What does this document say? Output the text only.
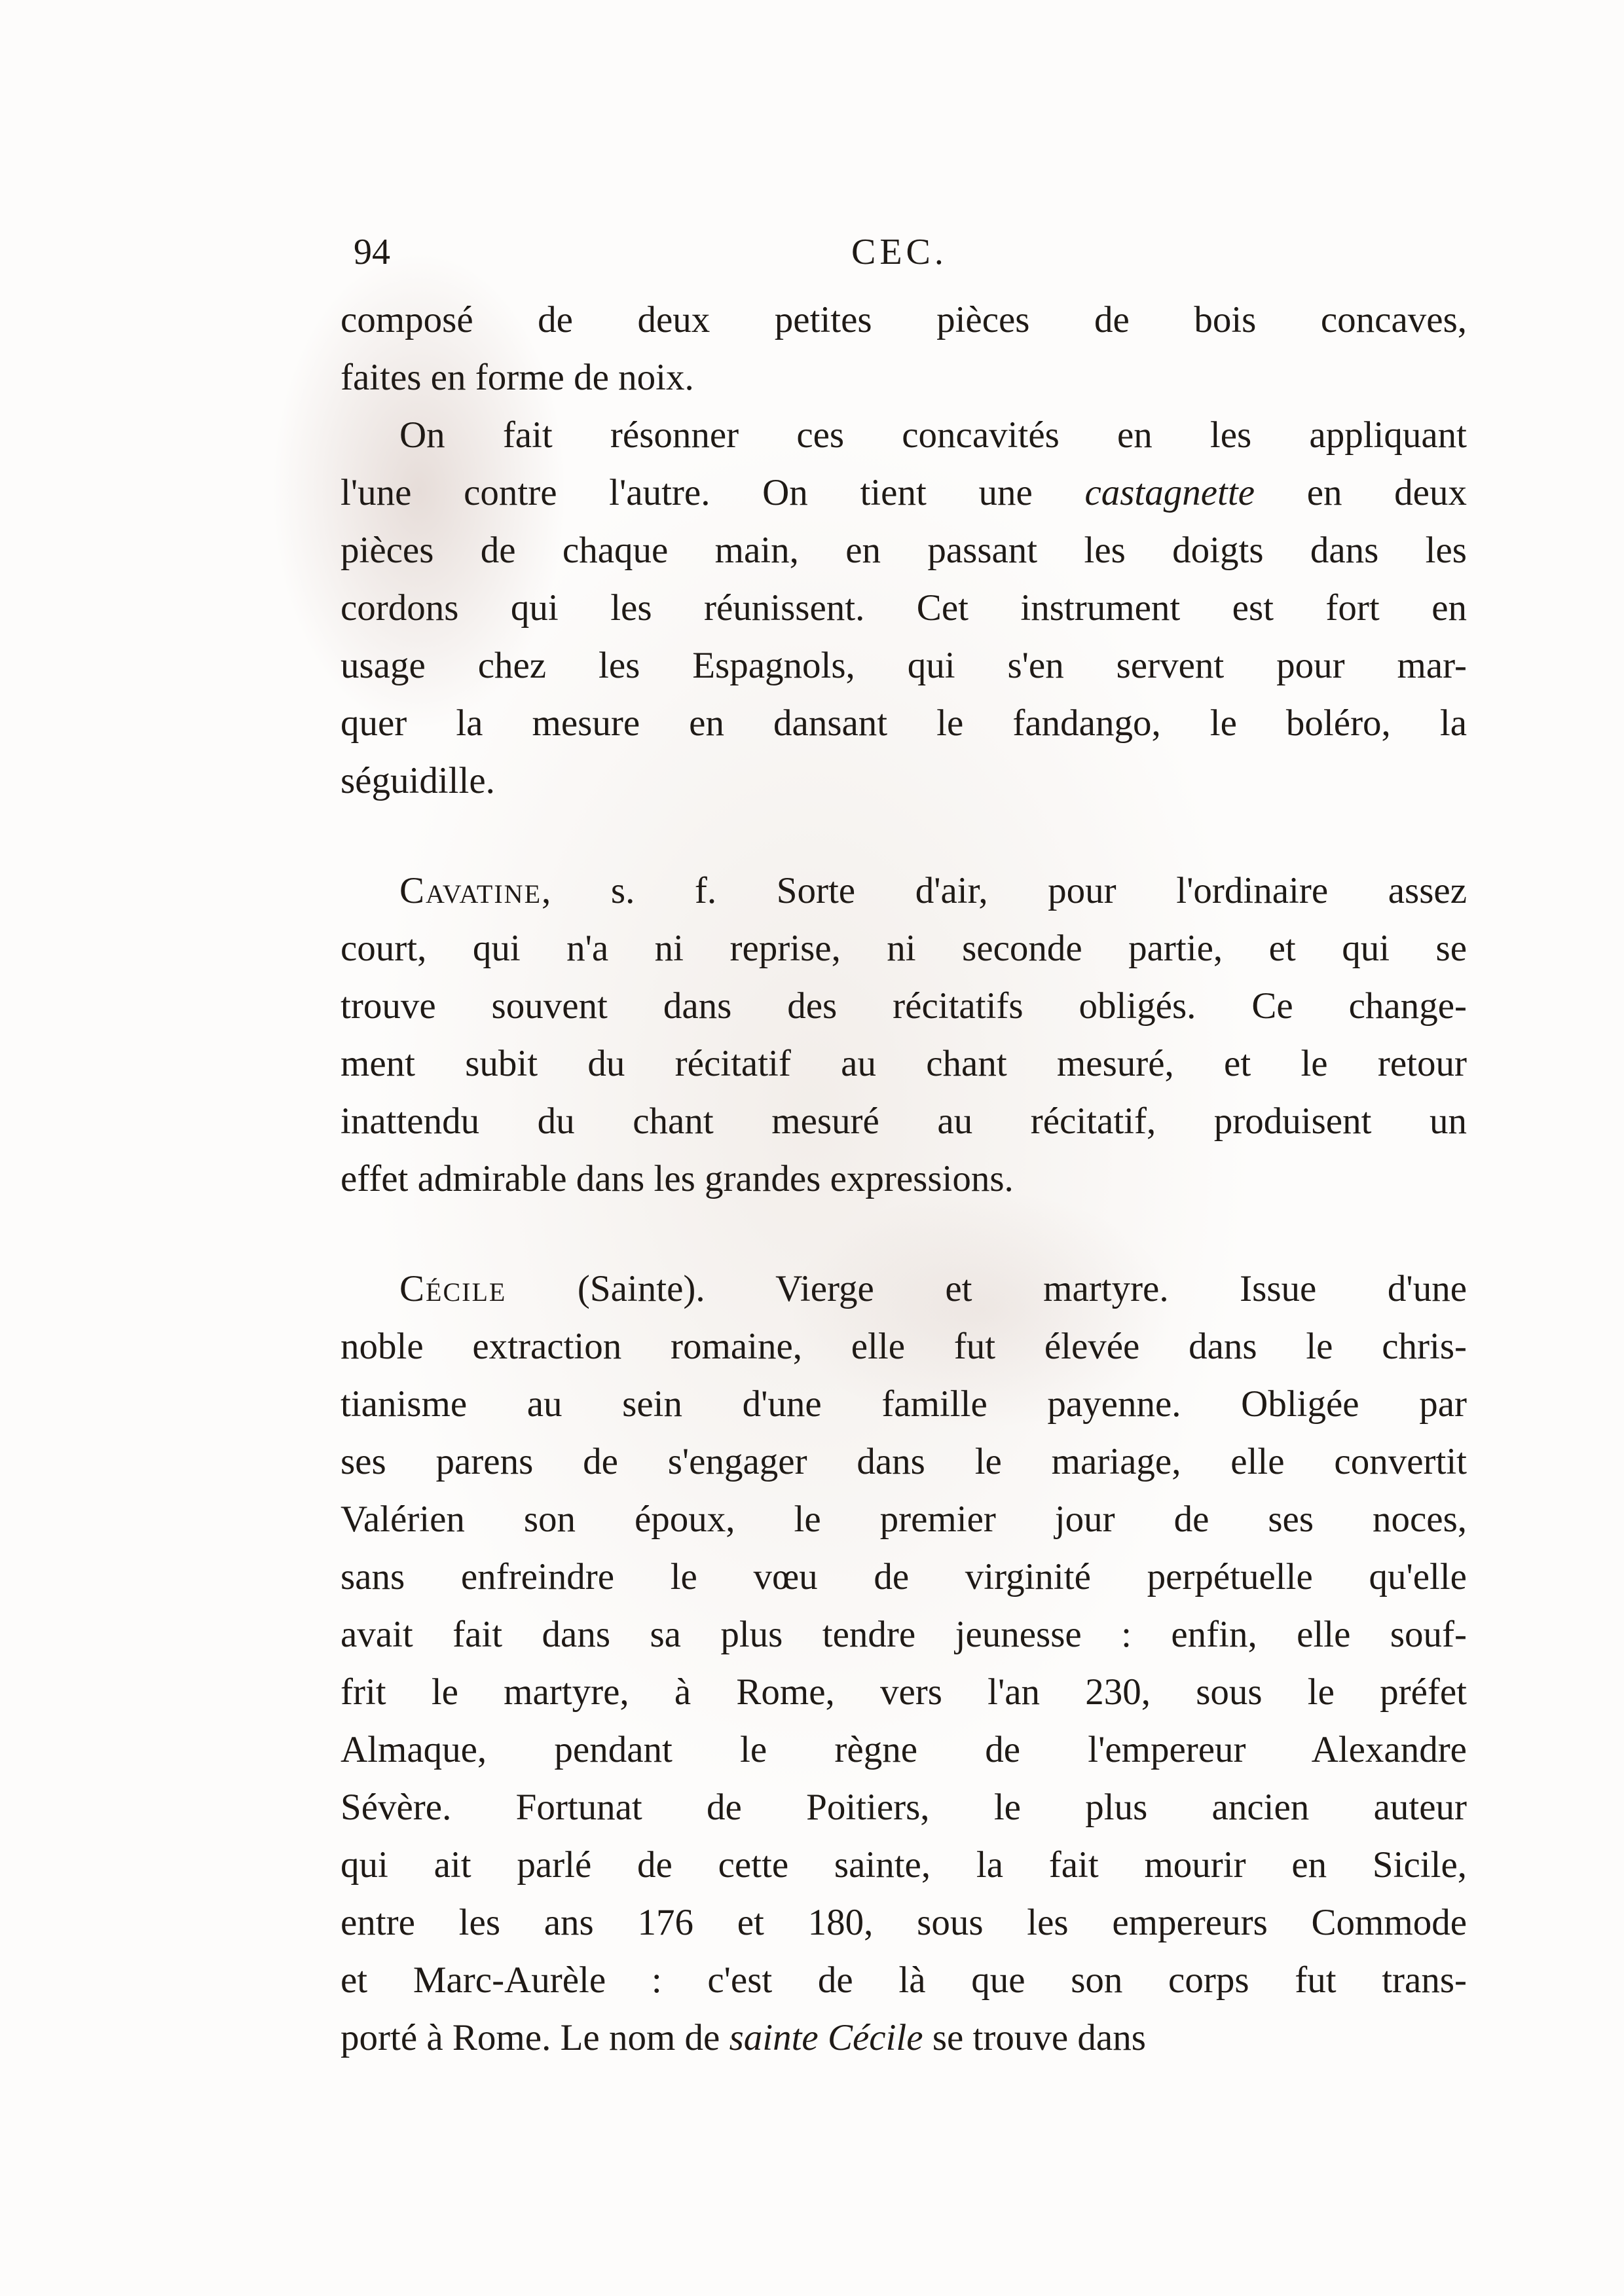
94	CEC.
composé de deux petites pièces de bois concaves,
faites en forme de noix.
On fait résonner ces concavités en les appliquant
l'une contre l'autre. On tient une castagnette en deux
pièces de chaque main, en passant les doigts dans les
cordons qui les réunissent. Cet instrument est fort en
usage chez les Espagnols, qui s'en servent pour mar-
quer la mesure en dansant le fandango, le boléro, la
séguidille.
Cavatine, s. f. Sorte d'air, pour l'ordinaire assez
court, qui n'a ni reprise, ni seconde partie, et qui se
trouve souvent dans des récitatifs obligés. Ce change-
ment subit du récitatif au chant mesuré, et le retour
inattendu du chant mesuré au récitatif, produisent un
effet admirable dans les grandes expressions.
Cécile (Sainte). Vierge et martyre. Issue d'une
noble extraction romaine, elle fut élevée dans le chris-
tianisme au sein d'une famille payenne. Obligée par
ses parens de s'engager dans le mariage, elle convertit
Valérien son époux, le premier jour de ses noces,
sans enfreindre le vœu de virginité perpétuelle qu'elle
avait fait dans sa plus tendre jeunesse : enfin, elle souf-
frit le martyre, à Rome, vers l'an 230, sous le préfet
Almaque, pendant le règne de l'empereur Alexandre
Sévère. Fortunat de Poitiers, le plus ancien auteur
qui ait parlé de cette sainte, la fait mourir en Sicile,
entre les ans 176 et 180, sous les empereurs Commode
et Marc-Aurèle : c'est de là que son corps fut trans-
porté à Rome. Le nom de sainte Cécile se trouve dans
